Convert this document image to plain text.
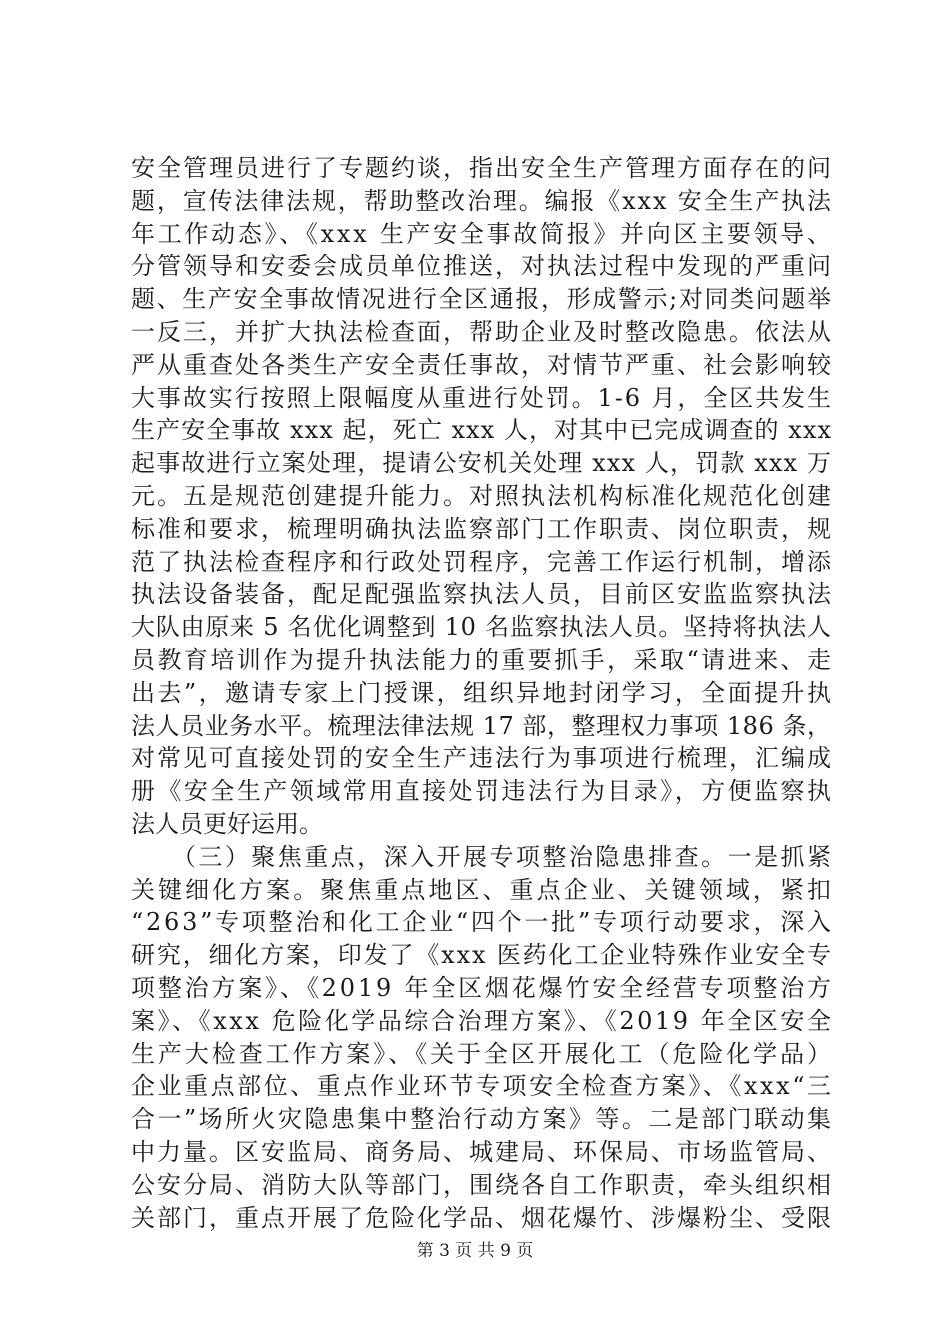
安全管理员进行了专题约谈，指出安全生产管理方面存在的问
题，宣传法律法规，帮助整改治理。编报《xxx 安全生产执法
年工作动态》、《xxx 生产安全事故简报》并向区主要领导、
分管领导和安委会成员单位推送，对执法过程中发现的严重问
题、生产安全事故情况进行全区通报，形成警示;对同类问题举
一反三，并扩大执法检查面，帮助企业及时整改隐患。依法从
严从重查处各类生产安全责任事故，对情节严重、社会影响较
大事故实行按照上限幅度从重进行处罚。1-6 月，全区共发生
生产安全事故 xxx 起，死亡 xxx 人，对其中已完成调查的 xxx
起事故进行立案处理，提请公安机关处理 xxx 人，罚款 xxx 万
元。五是规范创建提升能力。对照执法机构标准化规范化创建
标准和要求，梳理明确执法监察部门工作职责、岗位职责，规
范了执法检查程序和行政处罚程序，完善工作运行机制，增添
执法设备装备，配足配强监察执法人员，目前区安监监察执法
大队由原来 5 名优化调整到 10 名监察执法人员。坚持将执法人
员教育培训作为提升执法能力的重要抓手，采取“请进来、走
出去”，邀请专家上门授课，组织异地封闭学习，全面提升执
法人员业务水平。梳理法律法规 17 部，整理权力事项 186 条，
对常见可直接处罚的安全生产违法行为事项进行梳理，汇编成
册《安全生产领域常用直接处罚违法行为目录》，方便监察执
法人员更好运用。
　　（三）聚焦重点，深入开展专项整治隐患排查。一是抓紧
关键细化方案。聚焦重点地区、重点企业、关键领域，紧扣
“263”专项整治和化工企业“四个一批”专项行动要求，深入
研究，细化方案，印发了《xxx 医药化工企业特殊作业安全专
项整治方案》、《2019 年全区烟花爆竹安全经营专项整治方
案》、《xxx 危险化学品综合治理方案》、《2019 年全区安全
生产大检查工作方案》、《关于全区开展化工（危险化学品）
企业重点部位、重点作业环节专项安全检查方案》、《xxx“三
合一”场所火灾隐患集中整治行动方案》等。二是部门联动集
中力量。区安监局、商务局、城建局、环保局、市场监管局、
公安分局、消防大队等部门，围绕各自工作职责，牵头组织相
关部门，重点开展了危险化学品、烟花爆竹、涉爆粉尘、受限
第 3 页 共 9 页
